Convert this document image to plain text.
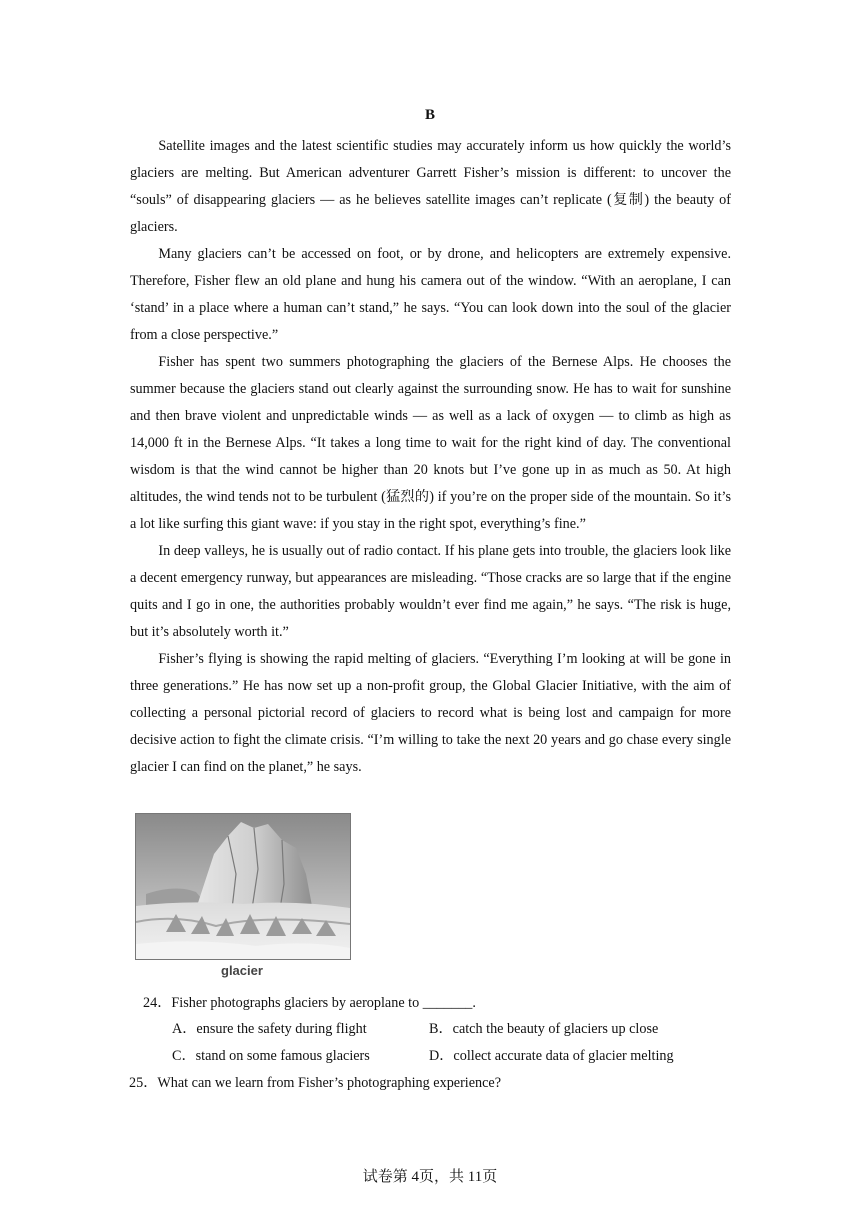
B

Satellite images and the latest scientific studies may accurately inform us how quickly the world’s glaciers are melting. But American adventurer Garrett Fisher’s mission is different: to uncover the “souls” of disappearing glaciers — as he believes satellite images can’t replicate (复制) the beauty of glaciers.

Many glaciers can’t be accessed on foot, or by drone, and helicopters are extremely expensive. Therefore, Fisher flew an old plane and hung his camera out of the window. “With an aeroplane, I can ‘stand’ in a place where a human can’t stand,” he says. “You can look down into the soul of the glacier from a close perspective.”

Fisher has spent two summers photographing the glaciers of the Bernese Alps. He chooses the summer because the glaciers stand out clearly against the surrounding snow. He has to wait for sunshine and then brave violent and unpredictable winds — as well as a lack of oxygen — to climb as high as 14,000 ft in the Bernese Alps. “It takes a long time to wait for the right kind of day. The conventional wisdom is that the wind cannot be higher than 20 knots but I’ve gone up in as much as 50. At high altitudes, the wind tends not to be turbulent (猛烈的) if you’re on the proper side of the mountain. So it’s a lot like surfing this giant wave: if you stay in the right spot, everything’s fine.”

In deep valleys, he is usually out of radio contact. If his plane gets into trouble, the glaciers look like a decent emergency runway, but appearances are misleading. “Those cracks are so large that if the engine quits and I go in one, the authorities probably wouldn’t ever find me again,” he says. “The risk is huge, but it’s absolutely worth it.”

Fisher’s flying is showing the rapid melting of glaciers. “Everything I’m looking at will be gone in three generations.” He has now set up a non-profit group, the Global Glacier Initiative, with the aim of collecting a personal pictorial record of glaciers to record what is being lost and campaign for more decisive action to fight the climate crisis. “I’m willing to take the next 20 years and go chase every single glacier I can find on the planet,” he says.

glacier
24．Fisher photographs glaciers by aeroplane to _______.
A．ensure the safety during flight	B．catch the beauty of glaciers up close
C．stand on some famous glaciers	D．collect accurate data of glacier melting
25．What can we learn from Fisher’s photographing experience?
试卷第 4页，共 11页
